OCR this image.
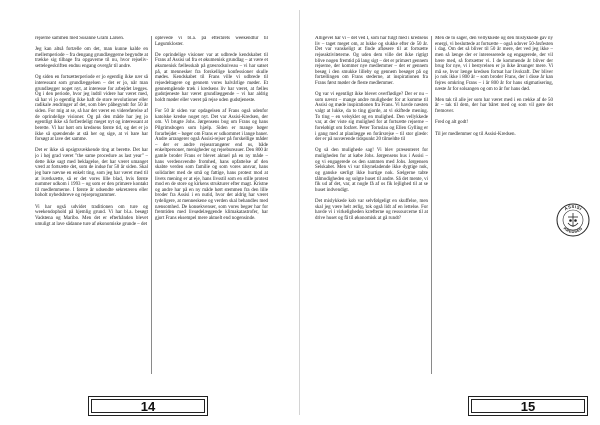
rejserne sammen med Susanne Gram Larsen.

Jeg kan altså fortælle om det, man kunne kalde en mellemperiode – fra dengang grundlæggerne begyndte at trække sig tilbage fra opgaverne til nu, hvor rejseliv-settelegeskriften endnu engang overgår til andre.

Og siden en fortsætterperiode er jo egentlig ikke nær så interessant som grundlæggelsen – det er jo, når man grundlægger noget nyt, at interesse for arbejdet lægges. Og i den periode, hvor jeg indtil videre har været med, så har vi jo egentlig ikke haft de store revolutioner eller radikale ændringer af det, som blev påbegyndt for 50 år siden. For mig at se, så har det været en videreførelse af de oprindelige visioner. Og på den måde har jeg jo egentligt ikke så forfærdeligt meget nyt og interessant at berette. Vi har hørt om kredsens første tid, og det er jo ikke så spændende at stå her og sige, at vi bare har forsøgt at lave det samme.

Det er ikke så opsigtsvækkende ting at berette. Det har jo i høj grad været "the same procedure as last year" – dette ikke sagt med beklagelse, det har været umanget værd at fortsætte det, som de indsø for 50 år siden. Skal jeg bare nævne en enkelt ting, som jeg har været med til at iværksætte, så er det vores lille blad, hvis første nummer udkom i 1993 – og som er den primære kontakt til medlemmerne. I første år udsendte sekretæren eller hoholt nyhedsbreve og rejseprogrammer.

Vi har også udvidet traditionen om ture og weekendophold på hjemlig grund. Vi har bl.a. besøgt Vadstena og Maribo. Men det er efterhånden blevet umuligt at lave sådanne ture af økonomiske grunde – det

oplevede vi bl.a. på efterårets weekendtur til Løgumkloster.

De oprindelige visioner var at udbrede kendskabet til Frans af Assisi ud fra et økumenisk grundlag – at være et økumenisk fællesskab på græsrodsniveau – vi har satset på, at mennesker fra forskellige konfessioner skulle mødes. Kendskabet til Frans ville vi udbrede til rejsedeltagere og gennem vores halvårlige møder. Et gennemgående træk i kredsens liv har været, at fælles gudstjeneste har været grundlæggende – vi har aldrig holdt møder eller været på rejse uden gudstjeneste.

For 50 år siden var opdagelsen af Frans også udenfor katolske kredse noget nyt. Det var Assisi-Kredsen, der om. Vi brugte Johs. Jørgensens bog om Frans og hans Pilgrimsbogen som hjælp. Siden er mange bøger forarbejdet – bøger om Frans er udkommet i lange baner. Andre arrangerer også Assisi-rejser på forskellige måder – der er andre rejsearrangører end os, både enkeltpersoner, menigheder og rejsebureauer. Den 800 år gamle broder Frans er blevet aktuel på en ny måde – hans verdensvendte fromhed, hans opfattelse af den skabte verden som familie og som vores ansvar, hans solidaritet med de små og fattige, hans protest mod at livets mening er at eje, hans livsstil som en stille protest mod en de store og kirkens strukturer efter magt. Kristne og andre har på en ny måde hørt stemmen fra den lille broder fra Assisi i en nutid, hvor det aldrig har været tydeligere, at menneskene og verden skal behandles med nænsomhed. De konsekvenser, som vores begær har for fremtiden med livsødelæggende klimakatastrofer, har gjort Frans eksempel mere aktuelt end nogensinde.

14

Alligevel har vi – det ved I, som har fulgt med i kredsens liv – taget meget om, at lukke og slukke efter de 50 år. Det var vanskeligt at finde afløsere til at fortsætte rejseaktiviteterne. Og uden dem ville det ikke rigtigt blive nogen fremtid på lang sigt – det er primært gennem rejserne, der kommer nye medlemmer – det er gennem besøg i den smukke lilleby og gennem besøget på og fortællingen om Frans stederne, at inspirationen fra Frans først møder de fleste medlemmer.

Og var vi egentligt ikke blevet overflødige? Der er nu – som nævnt – mange andre muligheder for at komme til Assisi og møde inspirationen fra Frans. Vi havde næsten valgt at lukke, da to ting gjorde, at vi skiftede mening. To ting – en velsyklet og en mulighed. Den vellykkede var, at der viste sig mulighed for at fortsætte rejserne – foreløbigt om foråret. Peter Tornslau og Ellen Gylling er i gang med at planlægge en forårsrejse – til stor glæde: der er på nuværende tidspunkt 20 tilmeldte til

Og så den mulighede sag! Vi blev præsenteret for muligheden for at købe Johs. Jørgensens hus i Assisi – og vi engagerede os den sammen med Johs. Jørgensen Selskabet. Men vi var tilsyneladende ikke dygtige nok, og ganske særligt ikke hurtige nok. Sælgerne tabte tålmodigheden og solgte huset til andre. Så det mente, vi fik ud af det, var, at nogle få af os fik lejlighed til at se huset indvendigt.

Det mislykkede kob var selvfølgeligt en skuffelse, men skal jeg være helt ærlig, tok også lidt af en lettelse. For havde vi i virkeligheden kræfterne og ressourcerne til at drive huset og få til økonomisk at gå rundt?

Men de to sager, den vellykkede og den mislykkede gav ny energi, vi besluttede at fortsætte – også udover 50-årsfesten i dag. Om det så bliver til 50 år mere, det ved jeg ikke – men så længe der er interesserede og engagerede, der vil bære med, så fortsætter vi. I de kommende år bliver der brug for nye, vi i bestyrelsen er jo ikke årsunger mere. Vi må se, hvor længe kredsen fortsat har livskraft. Der bliver jo nok ikke i 800 år – som broder Frans, der i disse år kan fejres omkring Frans – i år 800 år for hans stigmatisering, næste år for solsangen og om to år for hans død.

Men tak til alle jer som har været med i en række af de 50 år – tak til dem, der har båret med og som vil gøre det fremover.

Fred og alt godt!

Til jer medlemmer og til Assisi-Kredsen.

ASSISI
KREDSEN
15
